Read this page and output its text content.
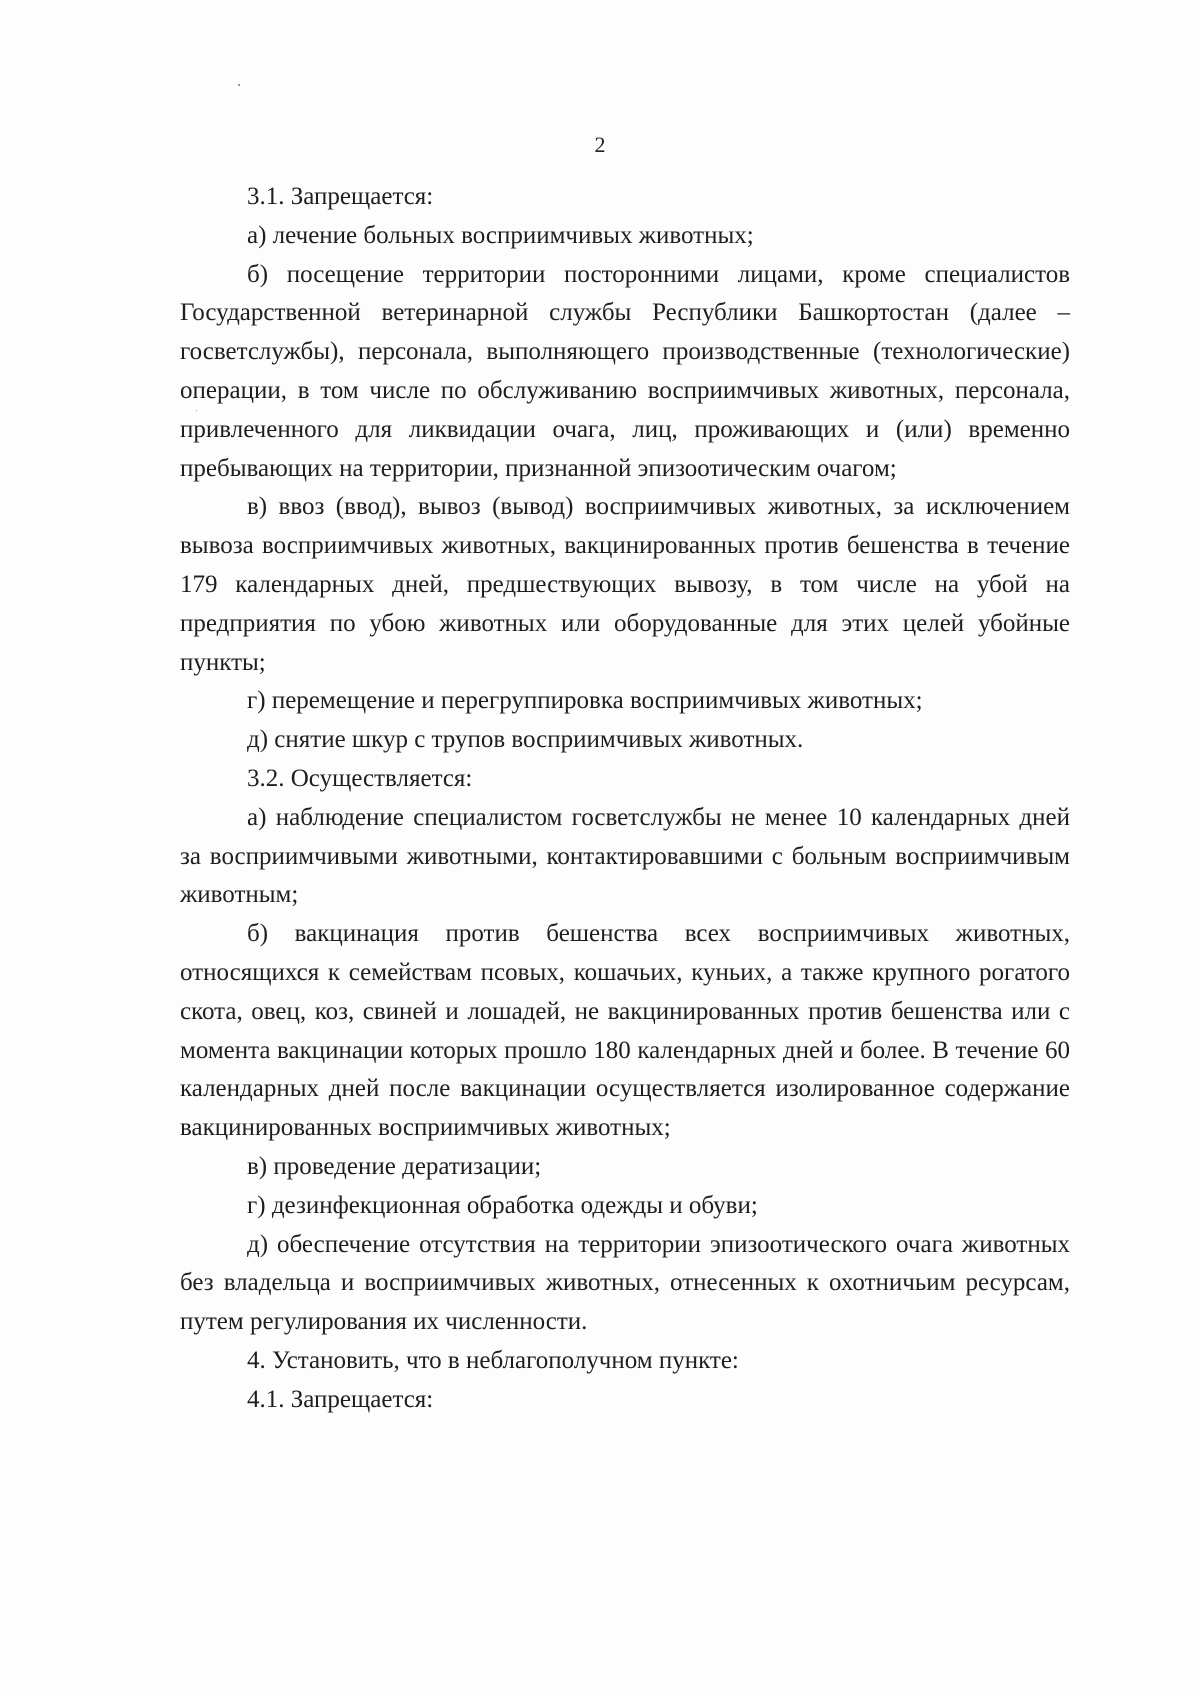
2

3.1. Запрещается:

а) лечение больных восприимчивых животных;

б) посещение территории посторонними лицами, кроме специалистов Государственной ветеринарной службы Республики Башкортостан (далее – госветслужбы), персонала, выполняющего производственные (технологические) операции, в том числе по обслуживанию восприимчивых животных, персонала, привлеченного для ликвидации очага, лиц, проживающих и (или) временно пребывающих на территории, признанной эпизоотическим очагом;

в) ввоз (ввод), вывоз (вывод) восприимчивых животных, за исключением вывоза восприимчивых животных, вакцинированных против бешенства в течение 179 календарных дней, предшествующих вывозу, в том числе на убой на предприятия по убою животных или оборудованные для этих целей убойные пункты;

г) перемещение и перегруппировка восприимчивых животных;

д) снятие шкур с трупов восприимчивых животных.

3.2. Осуществляется:

а) наблюдение специалистом госветслужбы не менее 10 календарных дней за восприимчивыми животными, контактировавшими с больным восприимчивым животным;

б) вакцинация против бешенства всех восприимчивых животных, относящихся к семействам псовых, кошачьих, куньих, а также крупного рогатого скота, овец, коз, свиней и лошадей, не вакцинированных против бешенства или с момента вакцинации которых прошло 180 календарных дней и более. В течение 60 календарных дней после вакцинации осуществляется изолированное содержание вакцинированных восприимчивых животных;

в) проведение дератизации;

г) дезинфекционная обработка одежды и обуви;

д) обеспечение отсутствия на территории эпизоотического очага животных без владельца и восприимчивых животных, отнесенных к охотничьим ресурсам, путем регулирования их численности.

4. Установить, что в неблагополучном пункте:

4.1. Запрещается:
